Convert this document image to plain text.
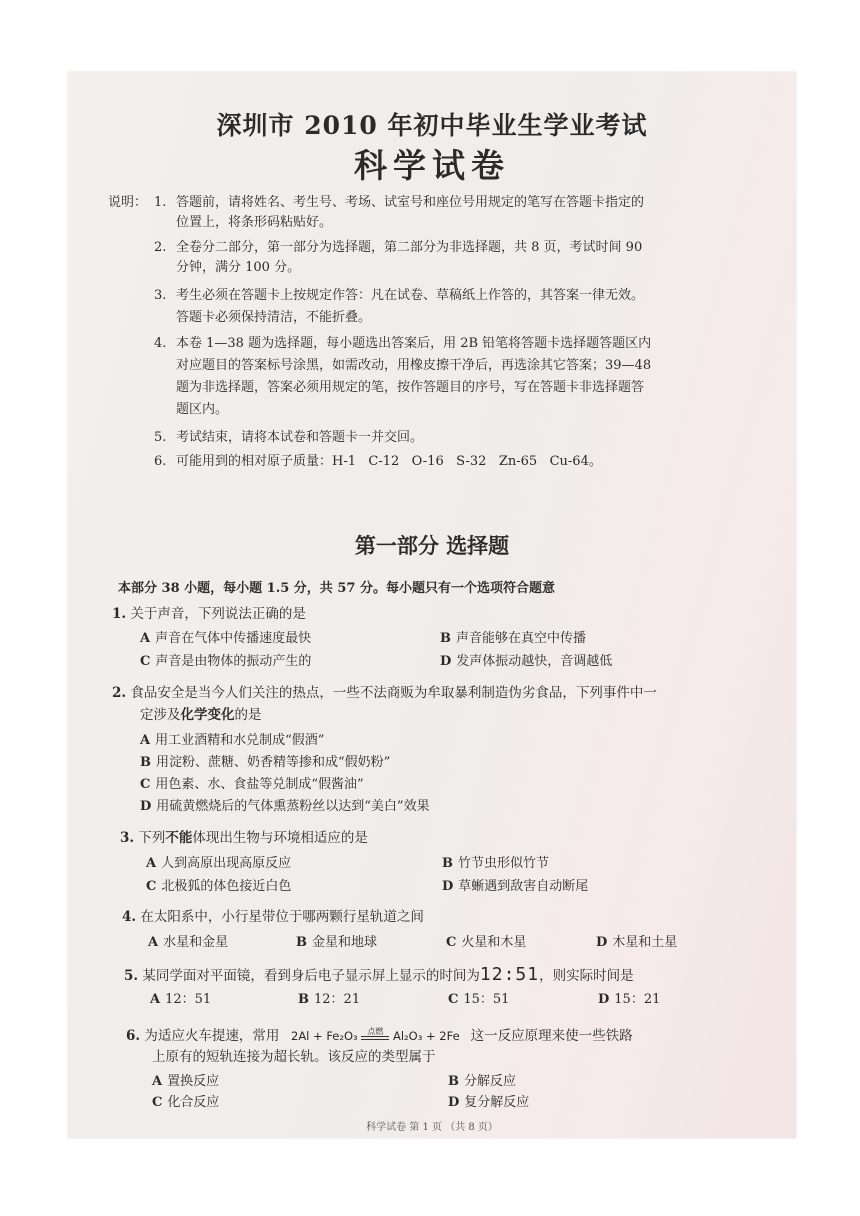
深圳市 2010 年初中毕业生学业考试
科学试卷
说明： 1. 答题前，请将姓名、考生号、考场、试室号和座位号用规定的笔写在答题卡指定的
位置上，将条形码粘贴好。
2. 全卷分二部分，第一部分为选择题，第二部分为非选择题，共 8 页，考试时间 90
分钟，满分 100 分。
3. 考生必须在答题卡上按规定作答：凡在试卷、草稿纸上作答的，其答案一律无效。
答题卡必须保持清洁，不能折叠。
4. 本卷 1—38 题为选择题，每小题选出答案后，用 2B 铅笔将答题卡选择题答题区内
对应题目的答案标号涂黑，如需改动，用橡皮擦干净后，再选涂其它答案；39—48
题为非选择题，答案必须用规定的笔，按作答题目的序号，写在答题卡非选择题答
题区内。
5. 考试结束，请将本试卷和答题卡一并交回。
6. 可能用到的相对原子质量：H-1   C-12   O-16   S-32   Zn-65   Cu-64。
第一部分 选择题
本部分 38 小题，每小题 1.5 分，共 57 分。每小题只有一个选项符合题意
1. 关于声音，下列说法正确的是
A 声音在气体中传播速度最快	B 声音能够在真空中传播
C 声音是由物体的振动产生的	D 发声体振动越快，音调越低
2. 食品安全是当今人们关注的热点，一些不法商贩为牟取暴利制造伪劣食品，下列事件中一
定涉及化学变化的是
A 用工业酒精和水兑制成“假酒”
B 用淀粉、蔗糖、奶香精等掺和成“假奶粉”
C 用色素、水、食盐等兑制成“假酱油”
D 用硫黄燃烧后的气体熏蒸粉丝以达到“美白”效果
3. 下列不能体现出生物与环境相适应的是
A 人到高原出现高原反应	B 竹节虫形似竹节
C 北极狐的体色接近白色	D 草蜥遇到敌害自动断尾
4. 在太阳系中，小行星带位于哪两颗行星轨道之间
A 水星和金星	B 金星和地球	C 火星和木星	D 木星和土星
5. 某同学面对平面镜，看到身后电子显示屏上显示的时间为12:51，则实际时间是
A 12：51	B 12：21	C 15：51	D 15：21
6. 为适应火车提速，常用 2Al + Fe₂O₃	点燃 Al₂O₃ + 2Fe 这一反应原理来使一些铁路
上原有的短轨连接为超长轨。该反应的类型属于
A 置换反应	B 分解反应
C 化合反应	D 复分解反应
科学试卷 第 1 页 （共 8 页）
